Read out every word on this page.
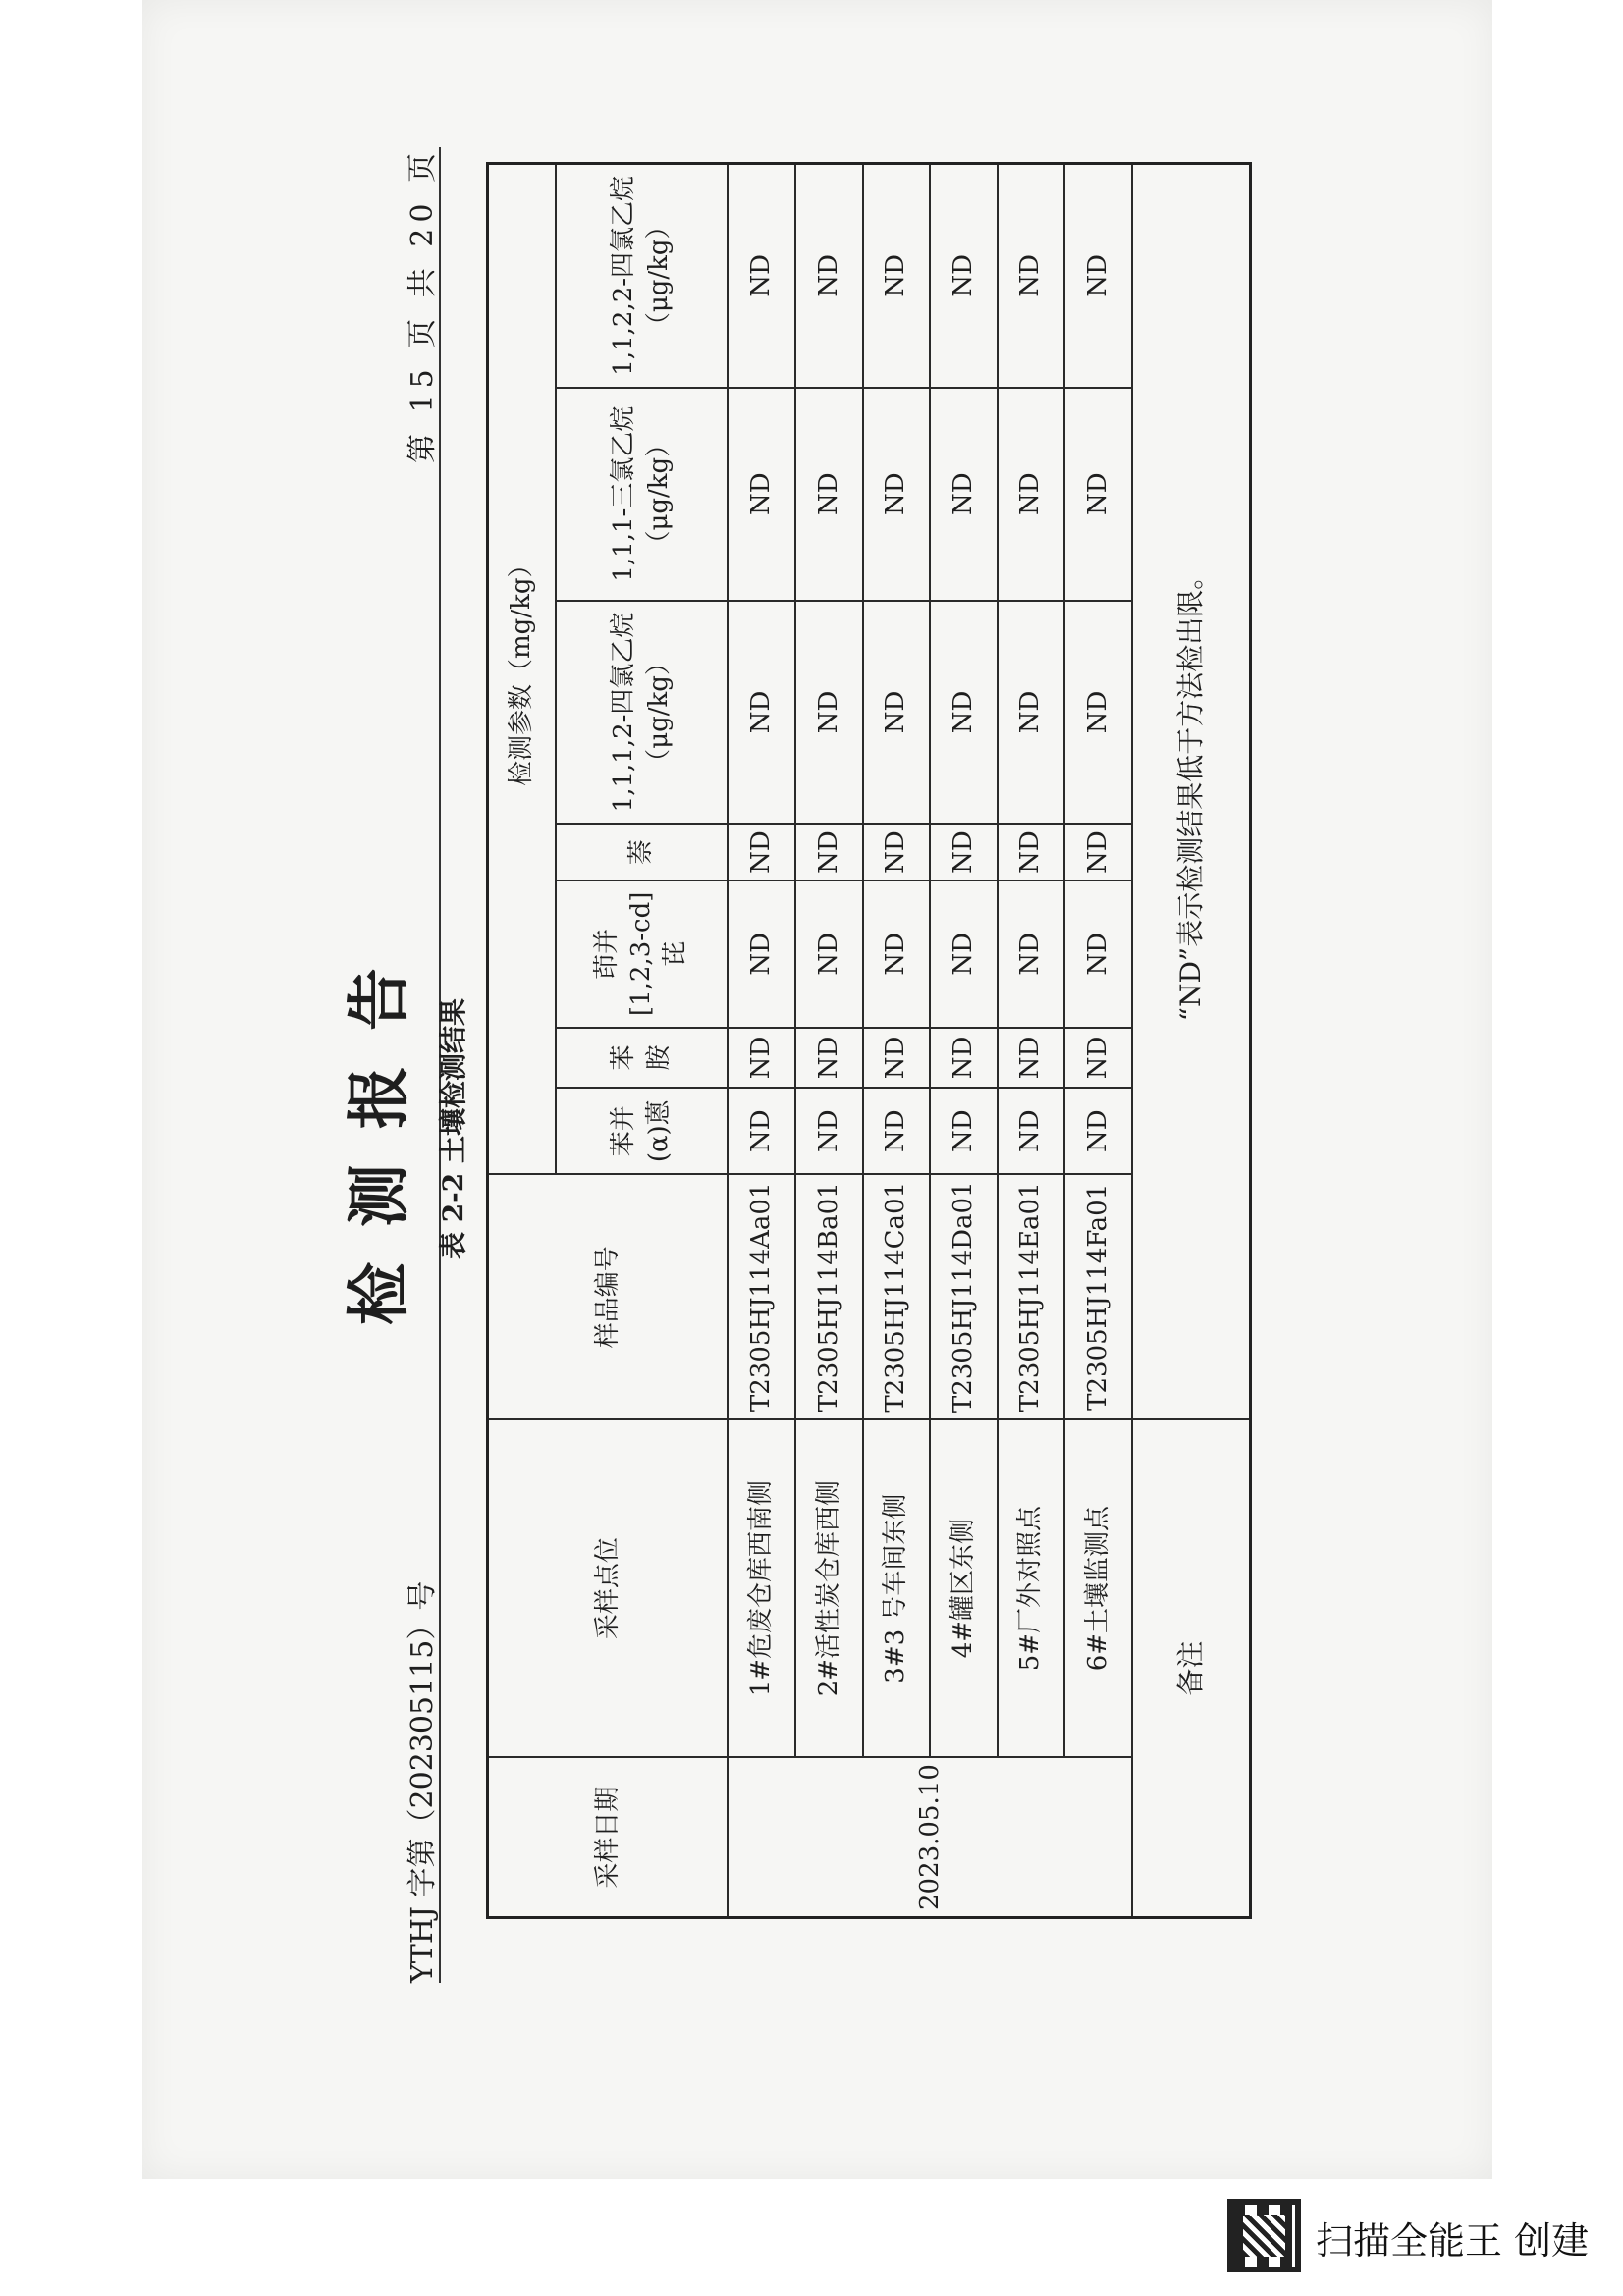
检测报告
YTHJ 字第（202305115）号
第 15 页 共 20 页
表 2-2 土壤检测结果
采样日期	采样点位	样品编号	检测参数（mg/kg）						
			苯并(α)蒽	苯胺	茚并[1,2,3-cd]芘	萘	1,1,1,2-四氯乙烷（μg/kg）	1,1,1-三氯乙烷（μg/kg）	1,1,2,2-四氯乙烷（μg/kg）
2023.05.10	1#危废仓库西南侧	T2305HJ114Aa01	ND	ND	ND	ND	ND	ND	ND
	2#活性炭仓库西侧	T2305HJ114Ba01	ND	ND	ND	ND	ND	ND	ND
	3#3 号车间东侧	T2305HJ114Ca01	ND	ND	ND	ND	ND	ND	ND
	4#罐区东侧	T2305HJ114Da01	ND	ND	ND	ND	ND	ND	ND
	5#厂外对照点	T2305HJ114Ea01	ND	ND	ND	ND	ND	ND	ND
	6#土壤监测点	T2305HJ114Fa01	ND	ND	ND	ND	ND	ND	ND
备注		“ND”表示检测结果低于方法检出限。							
扫描全能王 创建
